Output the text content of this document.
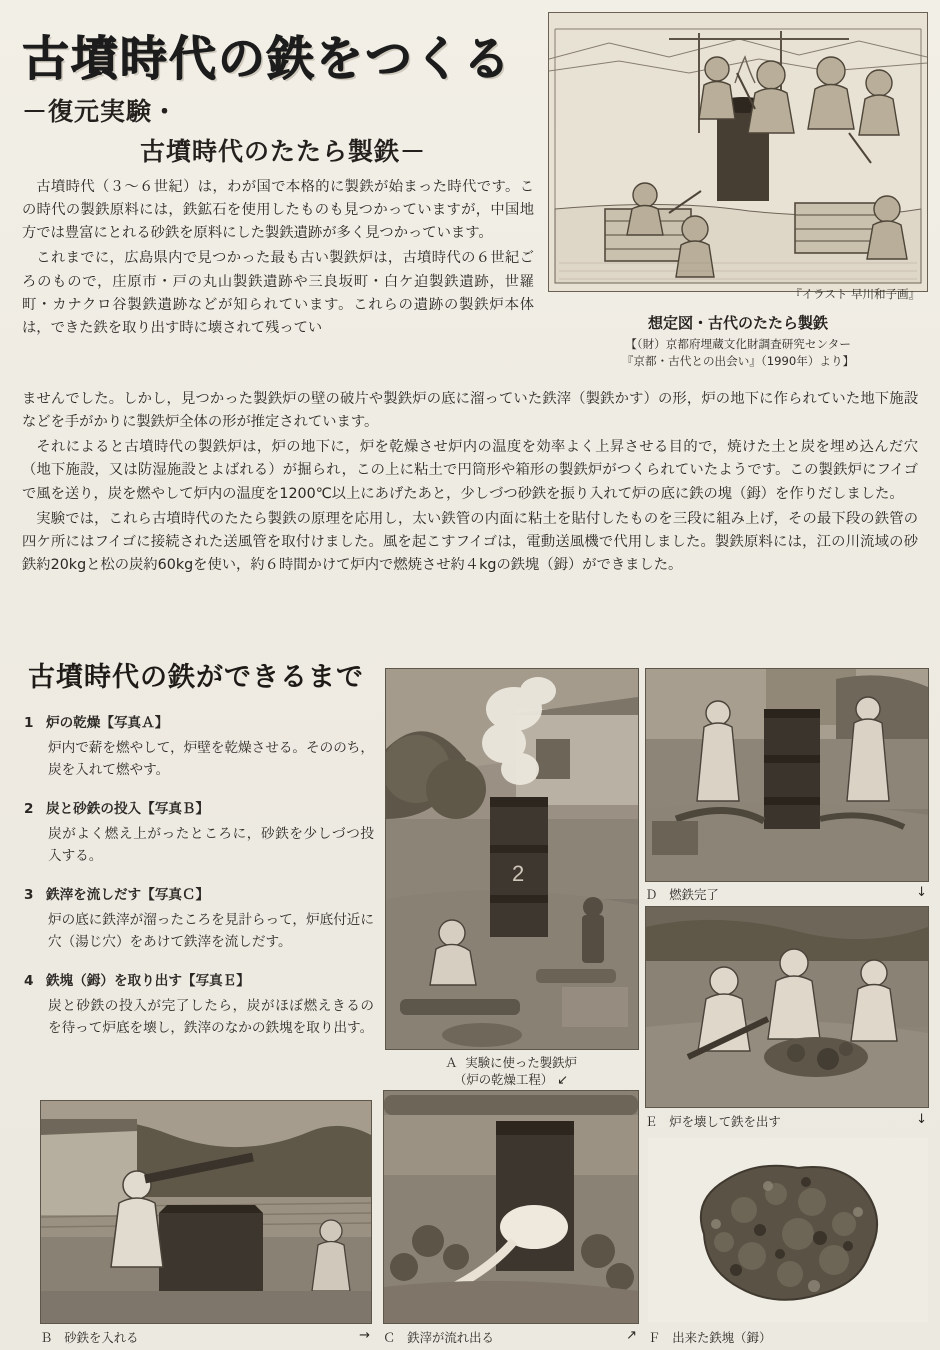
古墳時代の鉄をつくる
－復元実験・
古墳時代のたたら製鉄－
『イラスト 早川和子画』
想定図・古代のたたら製鉄
【（財）京都府埋蔵文化財調査研究センター
『京都・古代との出会い』（1990年）より】

古墳時代（３～６世紀）は，わが国で本格的に製鉄が始まった時代です。この時代の製鉄原料には，鉄鉱石を使用したものも見つかっていますが，中国地方では豊富にとれる砂鉄を原料にした製鉄遺跡が多く見つかっています。

これまでに，広島県内で見つかった最も古い製鉄炉は，古墳時代の６世紀ごろのもので，庄原市・戸の丸山製鉄遺跡や三良坂町・白ケ迫製鉄遺跡，世羅町・カナクロ谷製鉄遺跡などが知られています。これらの遺跡の製鉄炉本体は，できた鉄を取り出す時に壊されて残ってい

ませんでした。しかし，見つかった製鉄炉の壁の破片や製鉄炉の底に溜っていた鉄滓（製鉄かす）の形，炉の地下に作られていた地下施設などを手がかりに製鉄炉全体の形が推定されています。

それによると古墳時代の製鉄炉は，炉の地下に，炉を乾燥させ炉内の温度を効率よく上昇させる目的で，焼けた土と炭を埋め込んだ穴（地下施設，又は防湿施設とよばれる）が掘られ，この上に粘土で円筒形や箱形の製鉄炉がつくられていたようです。この製鉄炉にフイゴで風を送り，炭を燃やして炉内の温度を1200℃以上にあげたあと，少しづつ砂鉄を振り入れて炉の底に鉄の塊（鉧）を作りだしました。

実験では，これら古墳時代のたたら製鉄の原理を応用し，太い鉄管の内面に粘土を貼付したものを三段に組み上げ，その最下段の鉄管の四ケ所にはフイゴに接続された送風管を取付けました。風を起こすフイゴは，電動送風機で代用しました。製鉄原料には，江の川流域の砂鉄約20kgと松の炭約60kgを使い，約６時間かけて炉内で燃焼させ約４kgの鉄塊（鉧）ができました。

古墳時代の鉄ができるまで
1 炉の乾燥【写真Ａ】
炉内で薪を燃やして，炉壁を乾燥させる。そののち，炭を入れて燃やす。
2 炭と砂鉄の投入【写真Ｂ】
炭がよく燃え上がったところに，砂鉄を少しづつ投入する。
3 鉄滓を流しだす【写真Ｃ】
炉の底に鉄滓が溜ったころを見計らって，炉底付近に穴（湯じ穴）をあけて鉄滓を流しだす。
4 鉄塊（鉧）を取り出す【写真Ｅ】
炭と砂鉄の投入が完了したら，炭がほぼ燃えきるのを待って炉底を壊し，鉄滓のなかの鉄塊を取り出す。
2
Ａ 実験に使った製鉄炉
（炉の乾燥工程） ↙
Ｄ 燃鉄完了	↓
Ｅ 炉を壊して鉄を出す	↓
Ｂ 砂鉄を入れる	→ Ｃ 鉄滓が流れ出る	↗ Ｆ 出来た鉄塊（鉧）
